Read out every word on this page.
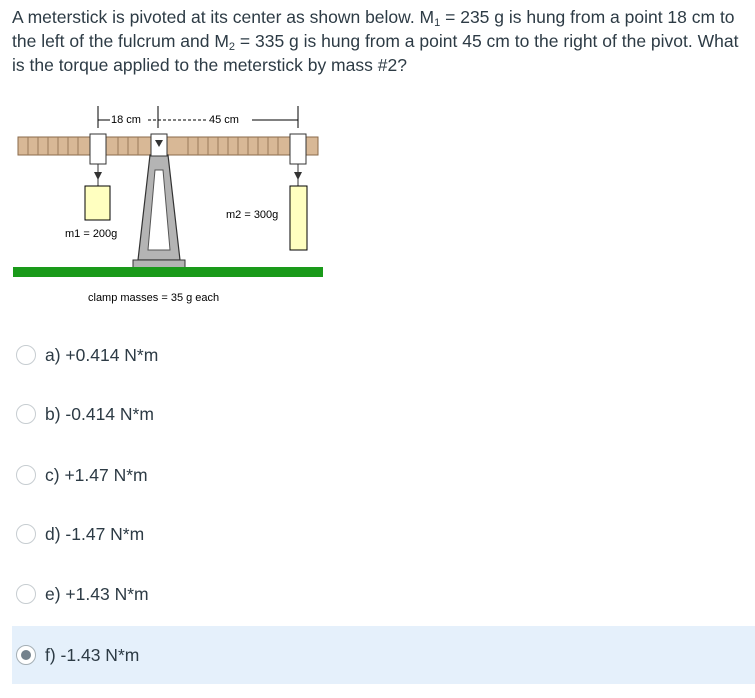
A meterstick is pivoted at its center as shown below. $M_1 = 235$ g is hung from a point 18 cm to the left of the fulcrum and $M_2 = 335$ g is hung from a point 45 cm to the right of the pivot. What is the torque applied to the meterstick by mass #2?
18 cm	45 cm
m1 = 200g
m2 = 300g
clamp masses = 35 g each
a) +0.414 N*m
b) -0.414 N*m
c) +1.47 N*m
d) -1.47 N*m
e) +1.43 N*m
f) -1.43 N*m
